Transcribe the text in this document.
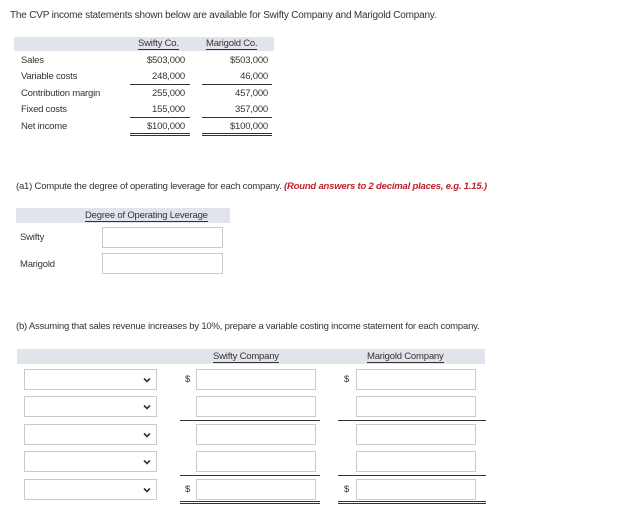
The CVP income statements shown below are available for Swifty Company and Marigold Company.
Swifty Co.	Marigold Co.
Sales	$503,000	$503,000
Variable costs	248,000	46,000
Contribution margin	255,000	457,000
Fixed costs	155,000	357,000
Net income	$100,000	$100,000
(a1) Compute the degree of operating leverage for each company. (Round answers to 2 decimal places, e.g. 1.15.)
Degree of Operating Leverage
Swifty
Marigold
(b) Assuming that sales revenue increases by 10%, prepare a variable costing income statement for each company.
Swifty Company	Marigold Company
$	$
$	$
